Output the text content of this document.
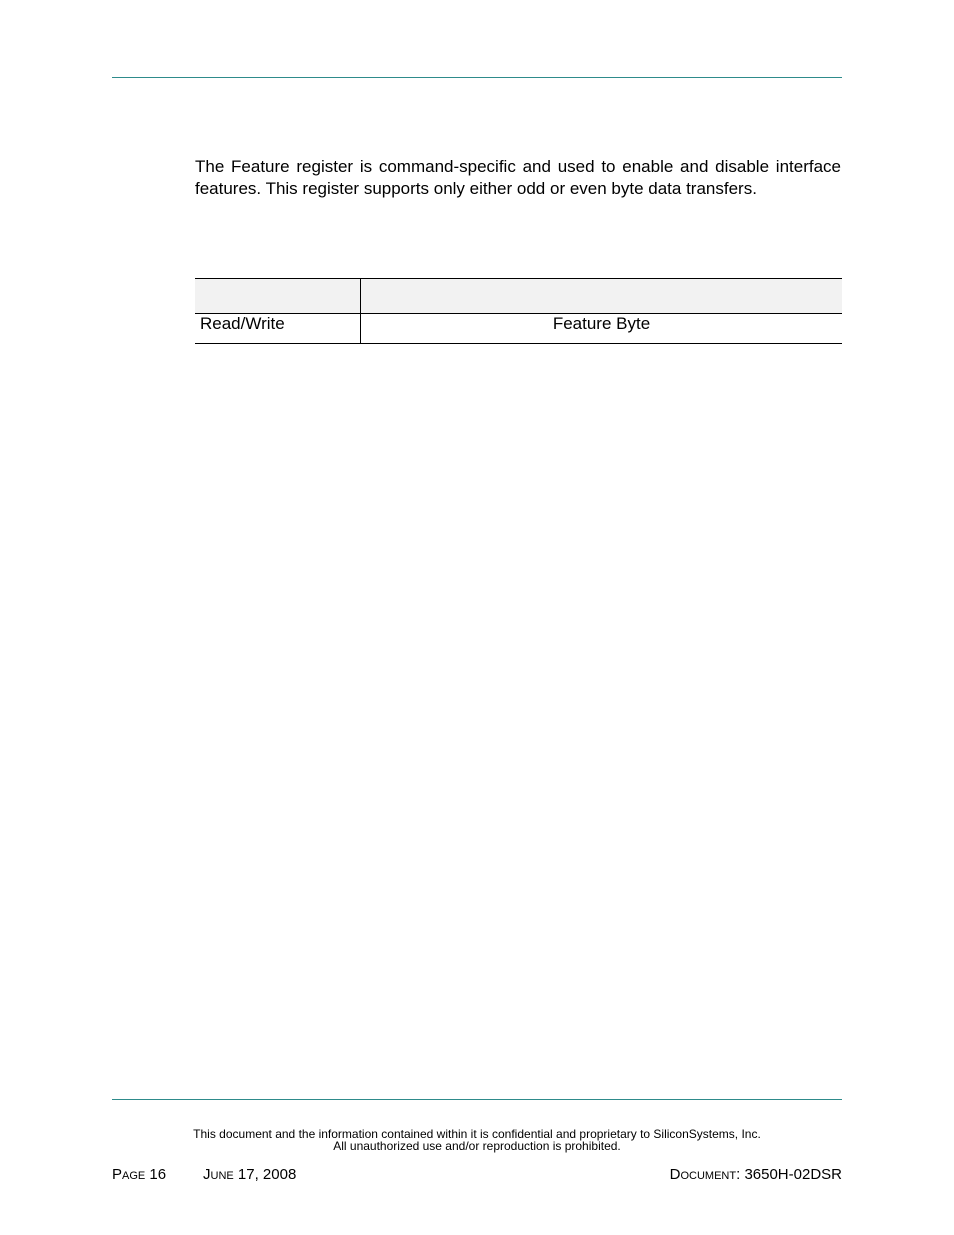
The Feature register is command-specific and used to enable and disable interface features. This register supports only either odd or even byte data transfers.

Read/Write	Feature Byte
This document and the information contained within it is confidential and proprietary to SiliconSystems, Inc.
All unauthorized use and/or reproduction is prohibited.
PAGE 16 JUNE 17, 2008	DOCUMENT: 3650H-02DSR
